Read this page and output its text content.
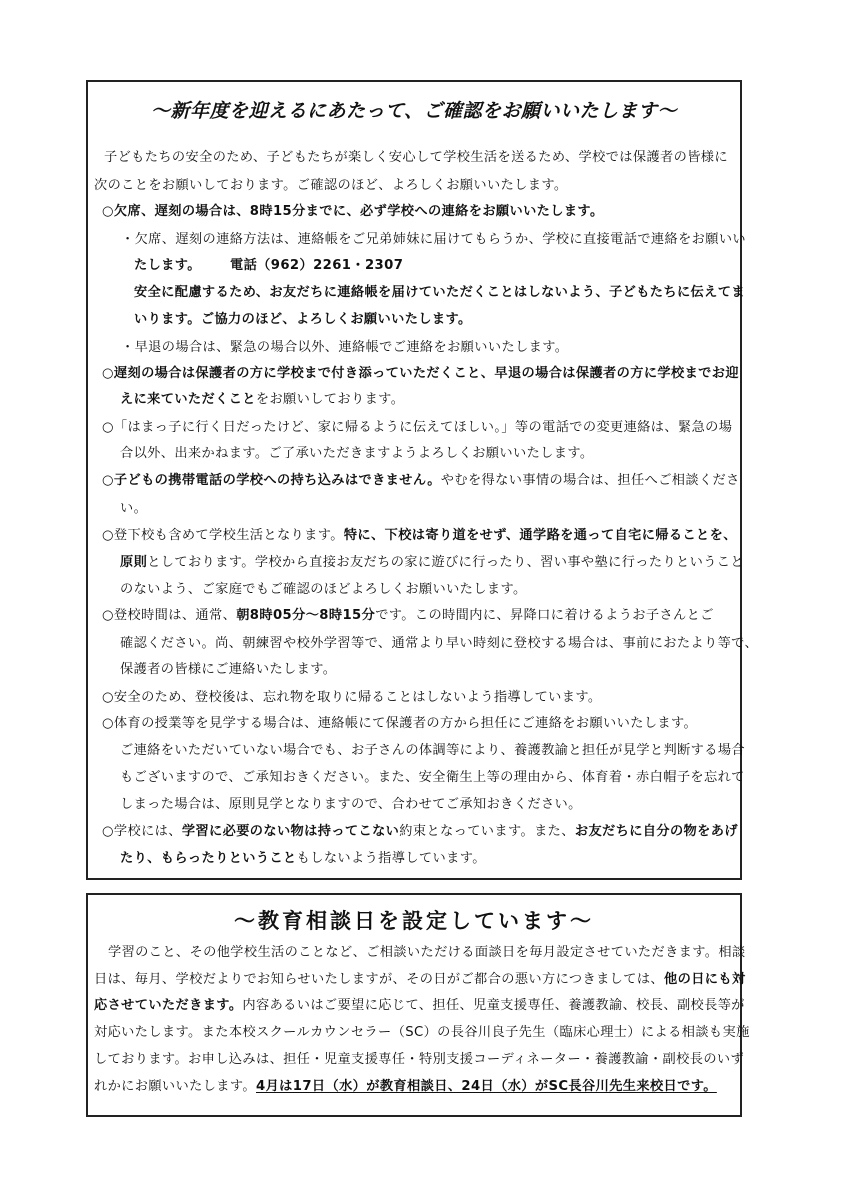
〜新年度を迎えるにあたって、ご確認をお願いいたします〜
子どもたちの安全のため、子どもたちが楽しく安心して学校生活を送るため、学校では保護者の皆様に
次のことをお願いしております。ご確認のほど、よろしくお願いいたします。
○欠席、遅刻の場合は、8時15分までに、必ず学校への連絡をお願いいたします。
・欠席、遅刻の連絡方法は、連絡帳をご兄弟姉妹に届けてもらうか、学校に直接電話で連絡をお願いい
たします。 電話（962）2261・2307
安全に配慮するため、お友だちに連絡帳を届けていただくことはしないよう、子どもたちに伝えてま
いります。ご協力のほど、よろしくお願いいたします。
・早退の場合は、緊急の場合以外、連絡帳でご連絡をお願いいたします。
○遅刻の場合は保護者の方に学校まで付き添っていただくこと、早退の場合は保護者の方に学校までお迎
えに来ていただくことをお願いしております。
○「はまっ子に行く日だったけど、家に帰るように伝えてほしい。」等の電話での変更連絡は、緊急の場
合以外、出来かねます。ご了承いただきますようよろしくお願いいたします。
○子どもの携帯電話の学校への持ち込みはできません。やむを得ない事情の場合は、担任へご相談くださ
い。
○登下校も含めて学校生活となります。特に、下校は寄り道をせず、通学路を通って自宅に帰ることを、
原則としております。学校から直接お友だちの家に遊びに行ったり、習い事や塾に行ったりということ
のないよう、ご家庭でもご確認のほどよろしくお願いいたします。
○登校時間は、通常、朝8時05分〜8時15分です。この時間内に、昇降口に着けるようお子さんとご
確認ください。尚、朝練習や校外学習等で、通常より早い時刻に登校する場合は、事前におたより等で、
保護者の皆様にご連絡いたします。
○安全のため、登校後は、忘れ物を取りに帰ることはしないよう指導しています。
○体育の授業等を見学する場合は、連絡帳にて保護者の方から担任にご連絡をお願いいたします。
ご連絡をいただいていない場合でも、お子さんの体調等により、養護教諭と担任が見学と判断する場合
もございますので、ご承知おきください。また、安全衛生上等の理由から、体育着・赤白帽子を忘れて
しまった場合は、原則見学となりますので、合わせてご承知おきください。
○学校には、学習に必要のない物は持ってこない約束となっています。また、お友だちに自分の物をあげ
たり、もらったりということもしないよう指導しています。
〜教育相談日を設定しています〜
学習のこと、その他学校生活のことなど、ご相談いただける面談日を毎月設定させていただきます。相談
日は、毎月、学校だよりでお知らせいたしますが、その日がご都合の悪い方につきましては、他の日にも対
応させていただきます。内容あるいはご要望に応じて、担任、児童支援専任、養護教諭、校長、副校長等が
対応いたします。また本校スクールカウンセラー（SC）の長谷川良子先生（臨床心理士）による相談も実施
しております。お申し込みは、担任・児童支援専任・特別支援コーディネーター・養護教諭・副校長のいず
れかにお願いいたします。4月は17日（水）が教育相談日、24日（水）がSC長谷川先生来校日です。
